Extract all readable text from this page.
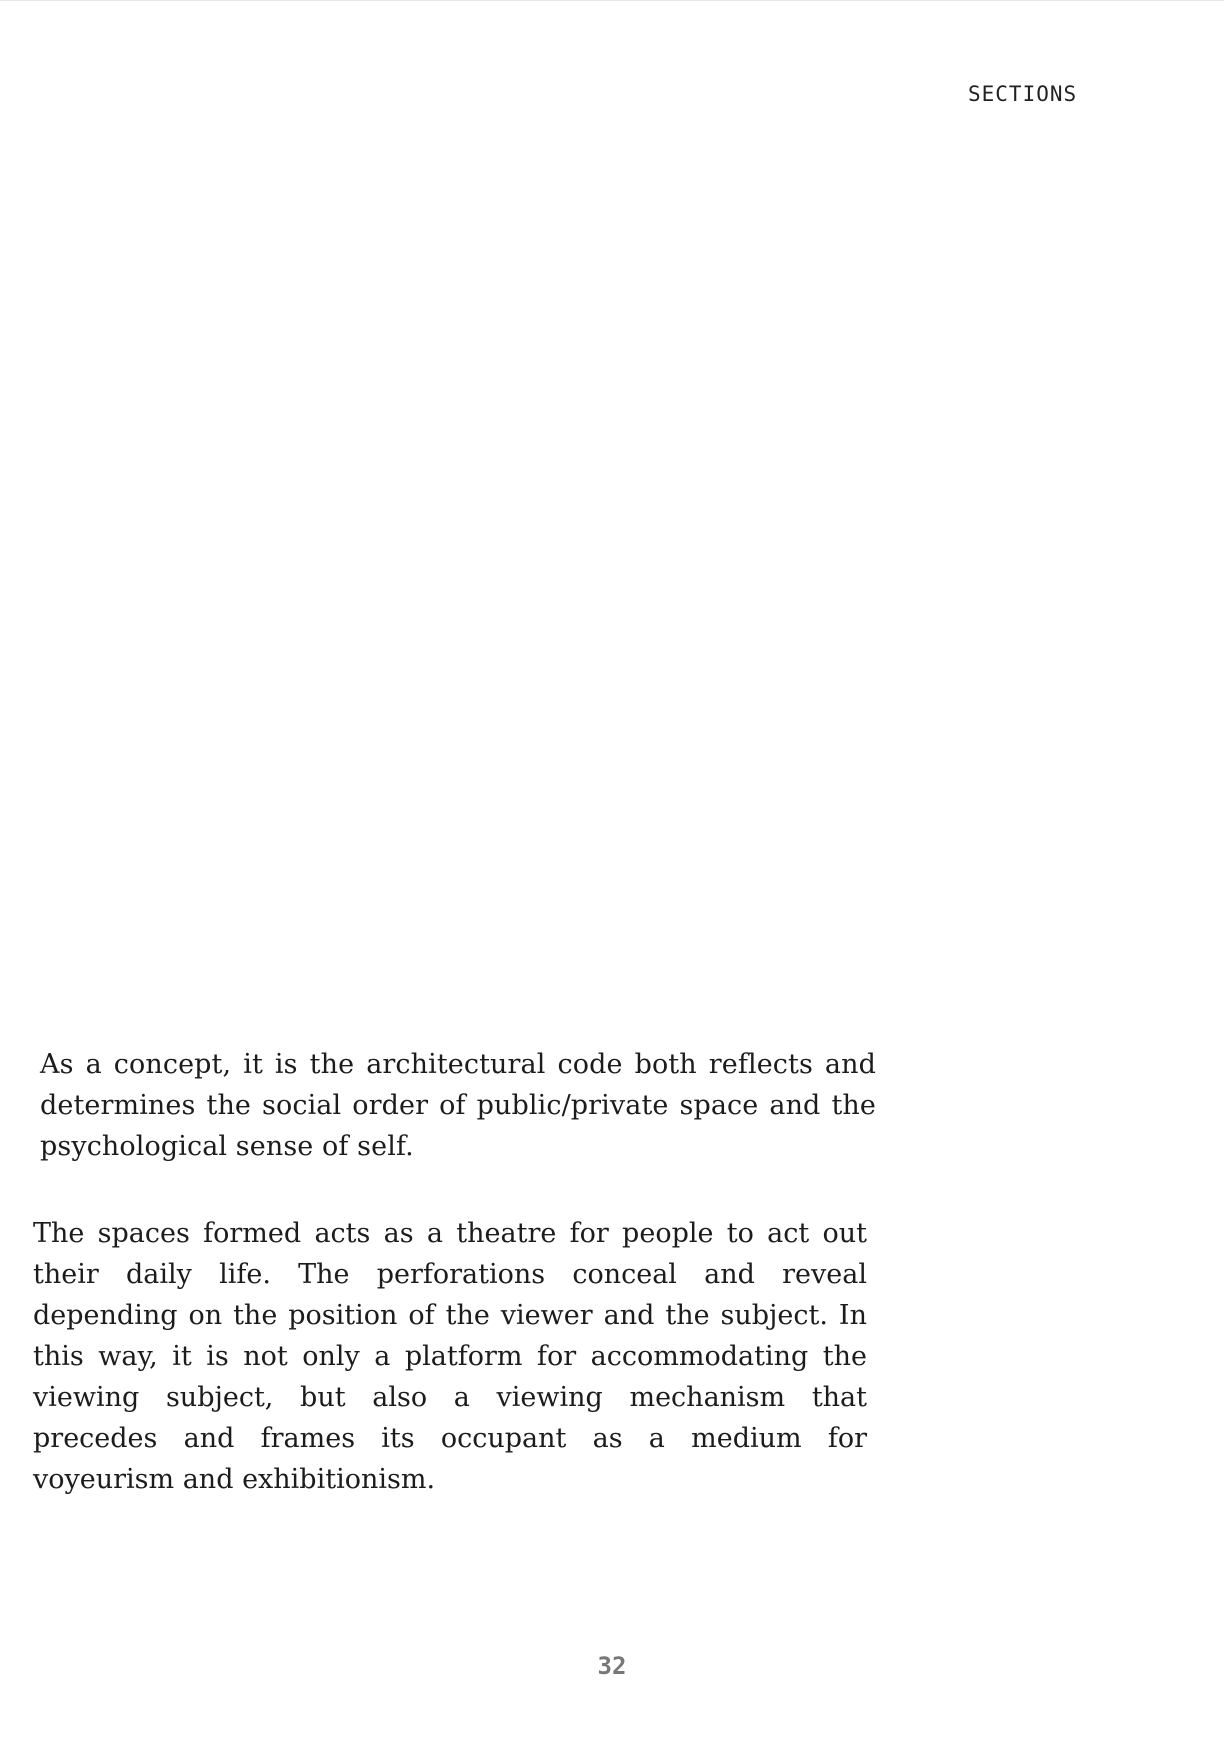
SECTIONS

As a concept, it is the architectural code both reflects and determines the social order of public/private space and the psychological sense of self.

The spaces formed acts as a theatre for people to act out their daily life. The perforations conceal and reveal depending on the position of the viewer and the subject. In this way, it is not only a platform for accommodating the viewing subject, but also a viewing mechanism that precedes and frames its occupant as a medium for voyeurism and exhibitionism.

32
